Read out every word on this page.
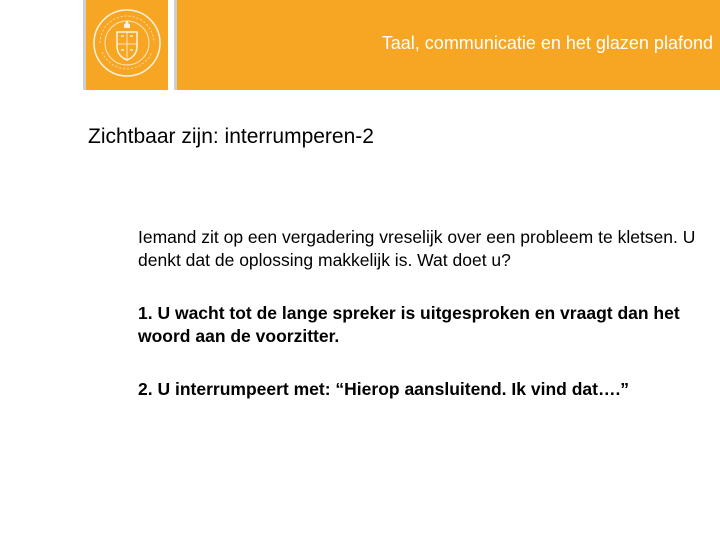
Taal, communicatie en het glazen plafond
Zichtbaar zijn: interrumperen-2
Iemand zit op een vergadering vreselijk over een probleem te kletsen. U denkt dat de oplossing makkelijk is. Wat doet u?
1. U wacht tot de lange spreker is uitgesproken en vraagt dan het woord aan de voorzitter.
2. U interrumpeert met: “Hierop aansluitend. Ik vind dat….”
